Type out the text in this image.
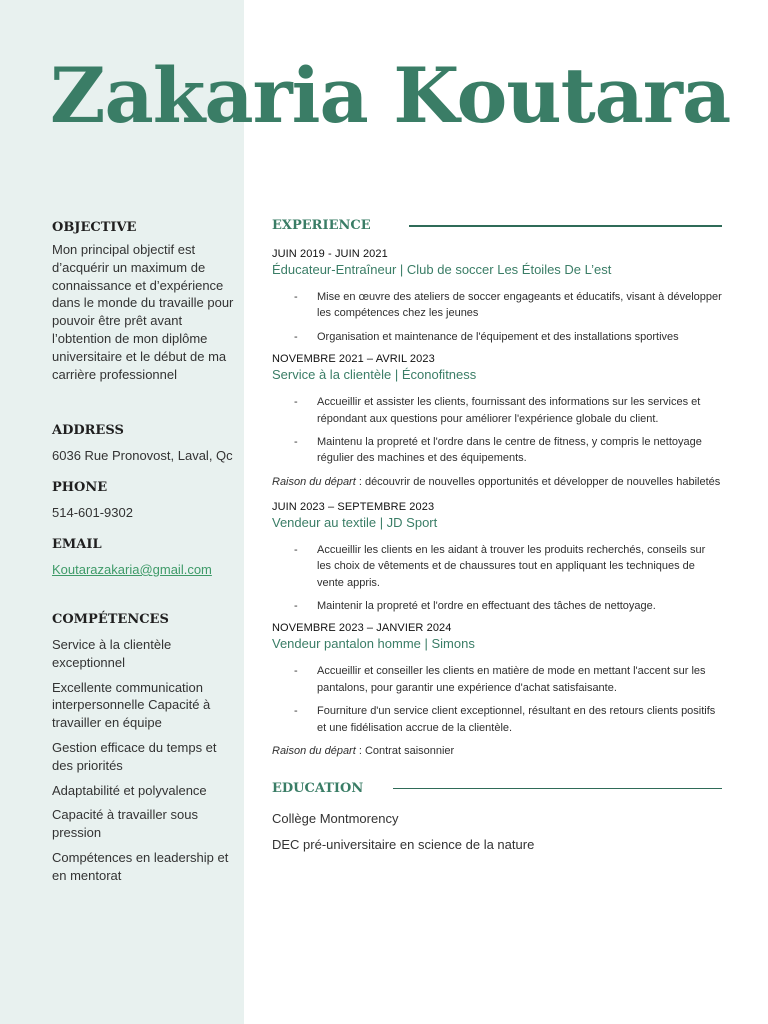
Zakaria Koutara
OBJECTIVE

Mon principal objectif est d’acquérir un maximum de connaissance et d’expérience dans le monde du travaille pour pouvoir être prêt avant l’obtention de mon diplôme universitaire et le début de ma carrière professionnel

ADDRESS

6036 Rue Pronovost, Laval, Qc

PHONE

514-601-9302

EMAIL
Koutarazakaria@gmail.com
COMPÉTENCES
Service à la clientèle exceptionnel
Excellente communication interpersonnelle Capacité à travailler en équipe
Gestion efficace du temps et des priorités
Adaptabilité et polyvalence
Capacité à travailler sous pression
Compétences en leadership et en mentorat
EXPERIENCE
JUIN 2019 - JUIN 2021
Éducateur-Entraîneur | Club de soccer Les Étoiles De L’est
- Mise en œuvre des ateliers de soccer engageants et éducatifs, visant à développer les compétences chez les jeunes
- Organisation et maintenance de l'équipement et des installations sportives
NOVEMBRE 2021 – AVRIL 2023
Service à la clientèle | Éconofitness
- Accueillir et assister les clients, fournissant des informations sur les services et répondant aux questions pour améliorer l'expérience globale du client.
- Maintenu la propreté et l'ordre dans le centre de fitness, y compris le nettoyage régulier des machines et des équipements.

Raison du départ : découvrir de nouvelles opportunités et développer de nouvelles habiletés

JUIN 2023 – SEPTEMBRE 2023
Vendeur au textile | JD Sport
- Accueillir les clients en les aidant à trouver les produits recherchés, conseils sur les choix de vêtements et de chaussures tout en appliquant les techniques de vente appris.
- Maintenir la propreté et l'ordre en effectuant des tâches de nettoyage.
NOVEMBRE 2023 – JANVIER 2024
Vendeur pantalon homme | Simons
- Accueillir et conseiller les clients en matière de mode en mettant l'accent sur les pantalons, pour garantir une expérience d'achat satisfaisante.
- Fourniture d'un service client exceptionnel, résultant en des retours clients positifs et une fidélisation accrue de la clientèle.

Raison du départ : Contrat saisonnier

EDUCATION
Collège Montmorency
DEC pré-universitaire en science de la nature
